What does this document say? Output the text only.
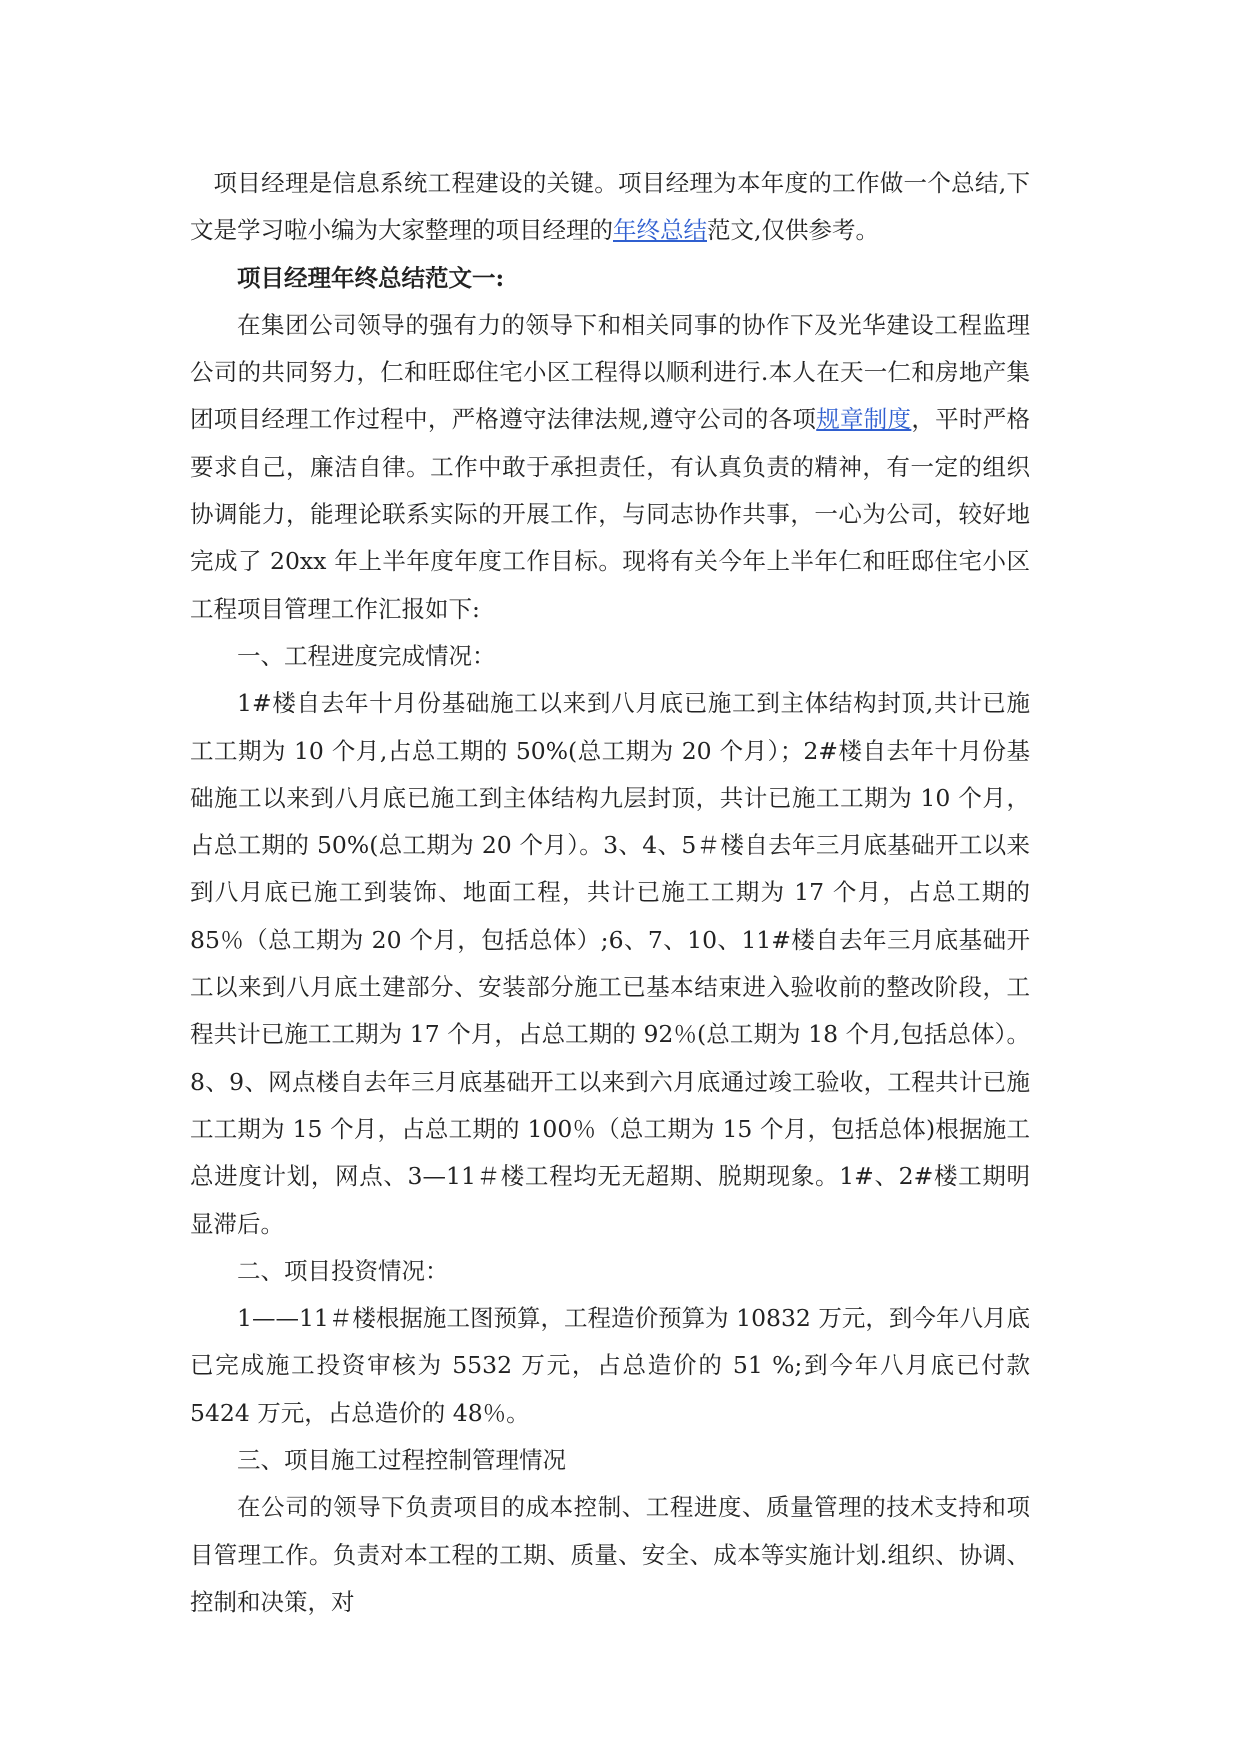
项目经理是信息系统工程建设的关键。项目经理为本年度的工作做一个总结,下文是学习啦小编为大家整理的项目经理的年终总结范文,仅供参考。

项目经理年终总结范文一:

在集团公司领导的强有力的领导下和相关同事的协作下及光华建设工程监理公司的共同努力，仁和旺邸住宅小区工程得以顺利进行.本人在天一仁和房地产集团项目经理工作过程中，严格遵守法律法规,遵守公司的各项规章制度，平时严格要求自己，廉洁自律。工作中敢于承担责任，有认真负责的精神，有一定的组织协调能力，能理论联系实际的开展工作，与同志协作共事，一心为公司，较好地完成了 20xx 年上半年度年度工作目标。现将有关今年上半年仁和旺邸住宅小区工程项目管理工作汇报如下:

一、工程进度完成情况：

1#楼自去年十月份基础施工以来到八月底已施工到主体结构封顶,共计已施工工期为 10 个月,占总工期的 50%(总工期为 20 个月）；2#楼自去年十月份基础施工以来到八月底已施工到主体结构九层封顶，共计已施工工期为 10 个月，占总工期的 50%(总工期为 20 个月）。3、4、5＃楼自去年三月底基础开工以来到八月底已施工到装饰、地面工程，共计已施工工期为 17 个月，占总工期的 85％（总工期为 20 个月，包括总体）;6、7、10、11#楼自去年三月底基础开工以来到八月底土建部分、安装部分施工已基本结束进入验收前的整改阶段，工程共计已施工工期为 17 个月，占总工期的 92％(总工期为 18 个月,包括总体）。8、9、网点楼自去年三月底基础开工以来到六月底通过竣工验收，工程共计已施工工期为 15 个月，占总工期的 100％（总工期为 15 个月，包括总体)根据施工总进度计划，网点、3—11＃楼工程均无无超期、脱期现象。1#、2#楼工期明显滞后。

二、项目投资情况：

1——11＃楼根据施工图预算，工程造价预算为 10832 万元，到今年八月底已完成施工投资审核为 5532 万元，占总造价的 51 %;到今年八月底已付款 5424 万元，占总造价的 48％。

三、项目施工过程控制管理情况

在公司的领导下负责项目的成本控制、工程进度、质量管理的技术支持和项目管理工作。负责对本工程的工期、质量、安全、成本等实施计划.组织、协调、控制和决策，对
